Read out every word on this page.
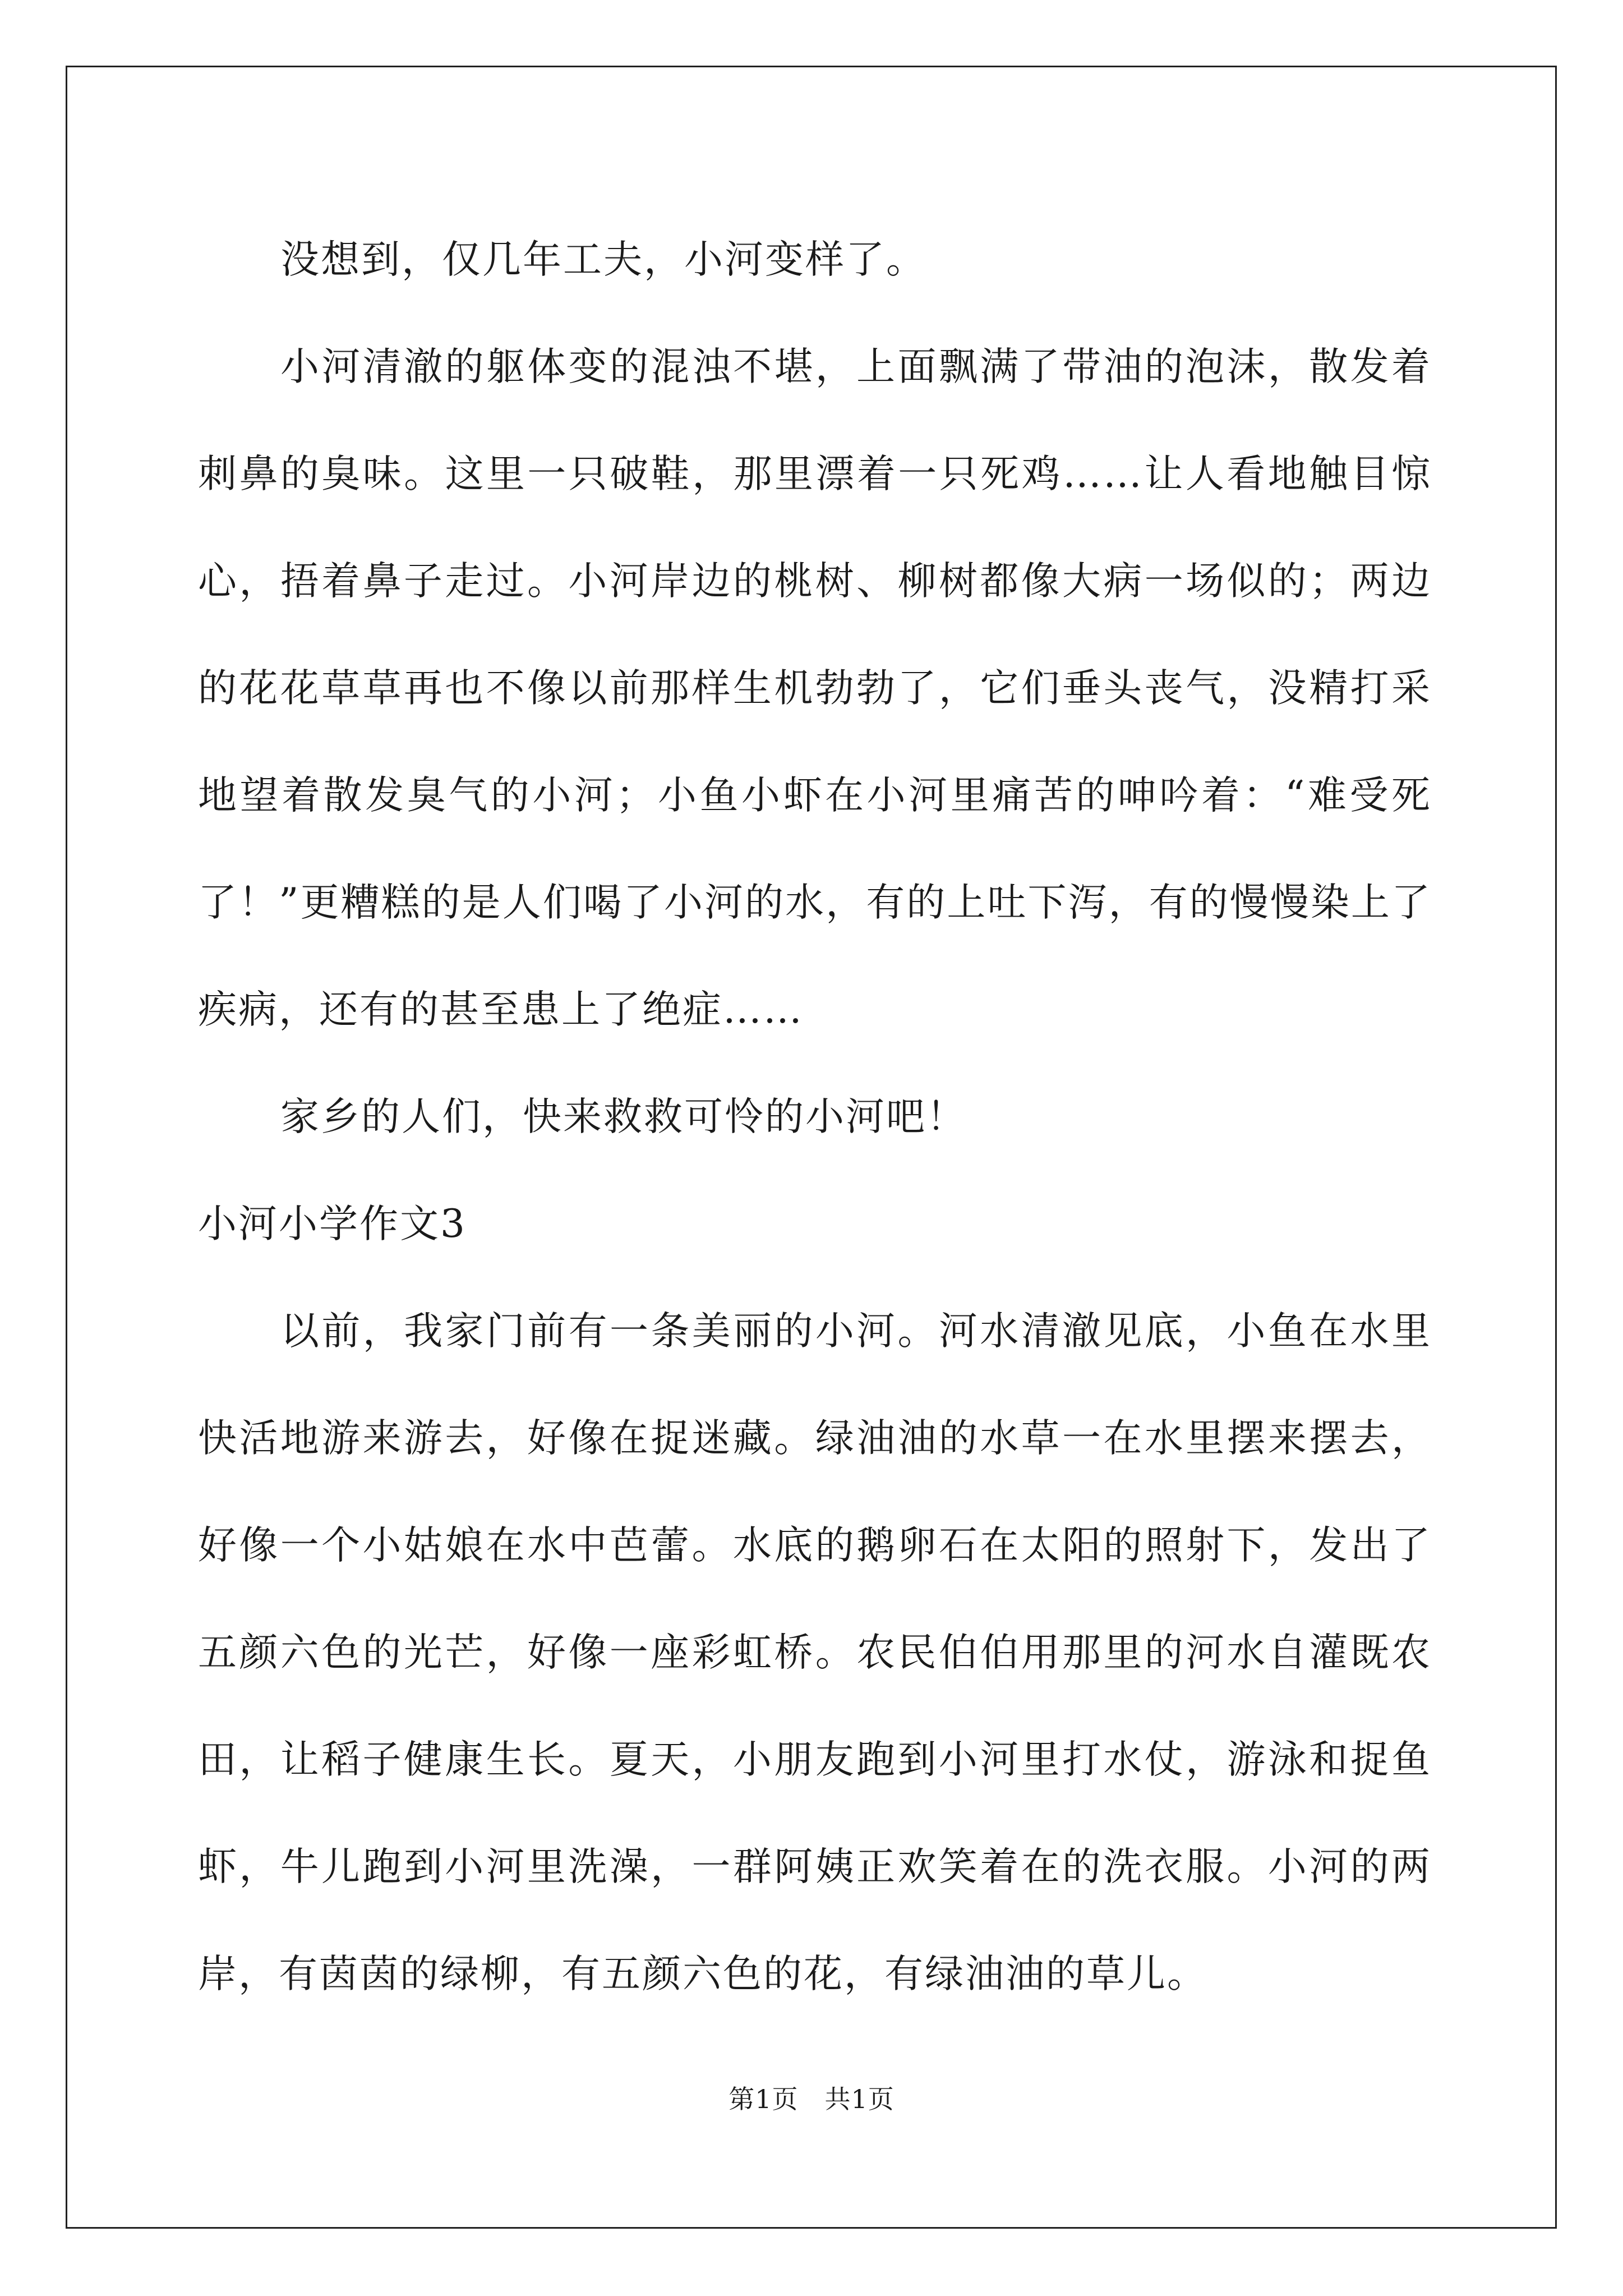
没想到，仅几年工夫，小河变样了。

小河清澈的躯体变的混浊不堪，上面飘满了带油的泡沫，散发着刺鼻的臭味。这里一只破鞋，那里漂着一只死鸡……让人看地触目惊心，捂着鼻子走过。小河岸边的桃树、柳树都像大病一场似的；两边的花花草草再也不像以前那样生机勃勃了，它们垂头丧气，没精打采地望着散发臭气的小河；小鱼小虾在小河里痛苦的呻吟着：“难受死了！”更糟糕的是人们喝了小河的水，有的上吐下泻，有的慢慢染上了疾病，还有的甚至患上了绝症……

家乡的人们，快来救救可怜的小河吧！

小河小学作文3

以前，我家门前有一条美丽的小河。河水清澈见底，小鱼在水里快活地游来游去，好像在捉迷藏。绿油油的水草一在水里摆来摆去，好像一个小姑娘在水中芭蕾。水底的鹅卵石在太阳的照射下，发出了五颜六色的光芒，好像一座彩虹桥。农民伯伯用那里的河水自灌既农田，让稻子健康生长。夏天，小朋友跑到小河里打水仗，游泳和捉鱼虾，牛儿跑到小河里洗澡，一群阿姨正欢笑着在的洗衣服。小河的两岸，有茵茵的绿柳，有五颜六色的花，有绿油油的草儿。

第1页　共1页
